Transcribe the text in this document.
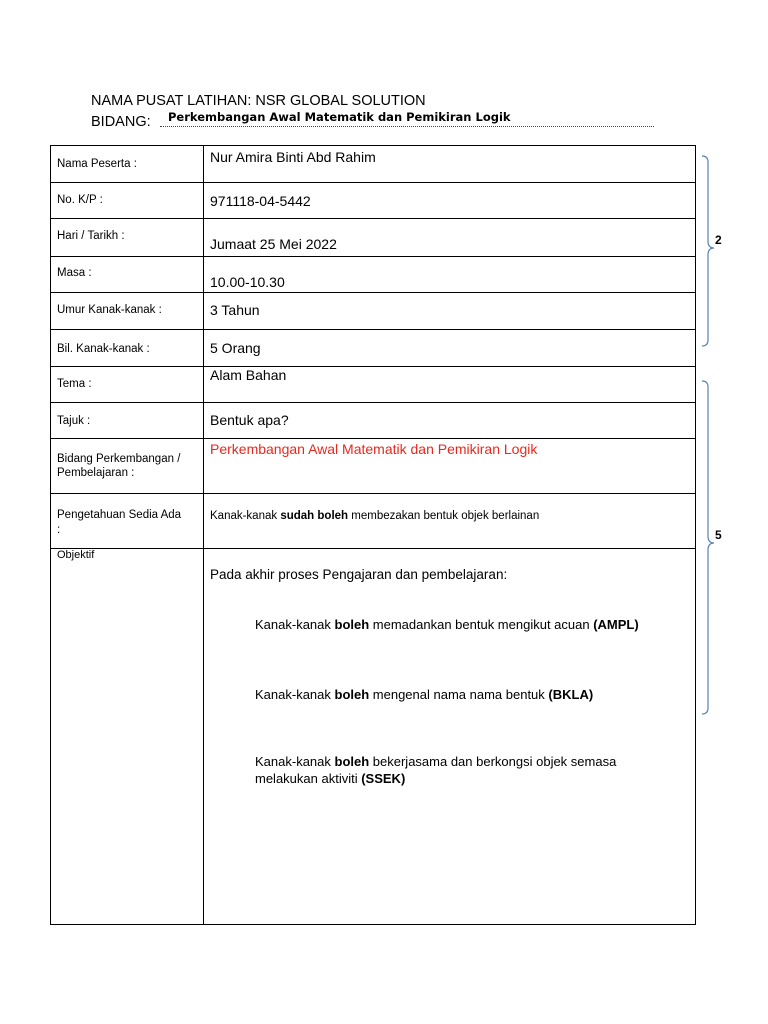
NAMA PUSAT LATIHAN: NSR GLOBAL SOLUTION
BIDANG:	Perkembangan Awal Matematik dan Pemikiran Logik
Nama Peserta :	Nur Amira Binti Abd Rahim

No. K/P :	971118-04-5442

Hari / Tarikh :	Jumaat 25 Mei 2022

Masa :	10.00-10.30

Umur Kanak-kanak :	3 Tahun

Bil. Kanak-kanak :	5 Orang

Tema :	Alam Bahan

Tajuk :	Bentuk apa?

Bidang Perkembangan /
Pembelajaran :	Perkembangan Awal Matematik dan Pemikiran Logik

Pengetahuan Sedia Ada
:	Kanak-kanak sudah boleh membezakan bentuk objek berlainan

Objektif	Pada akhir proses Pengajaran dan pembelajaran:
Kanak-kanak boleh memadankan bentuk mengikut acuan (AMPL)
Kanak-kanak boleh mengenal nama nama bentuk (BKLA)
Kanak-kanak boleh bekerjasama dan berkongsi objek semasa melakukan aktiviti (SSEK)
2
5
